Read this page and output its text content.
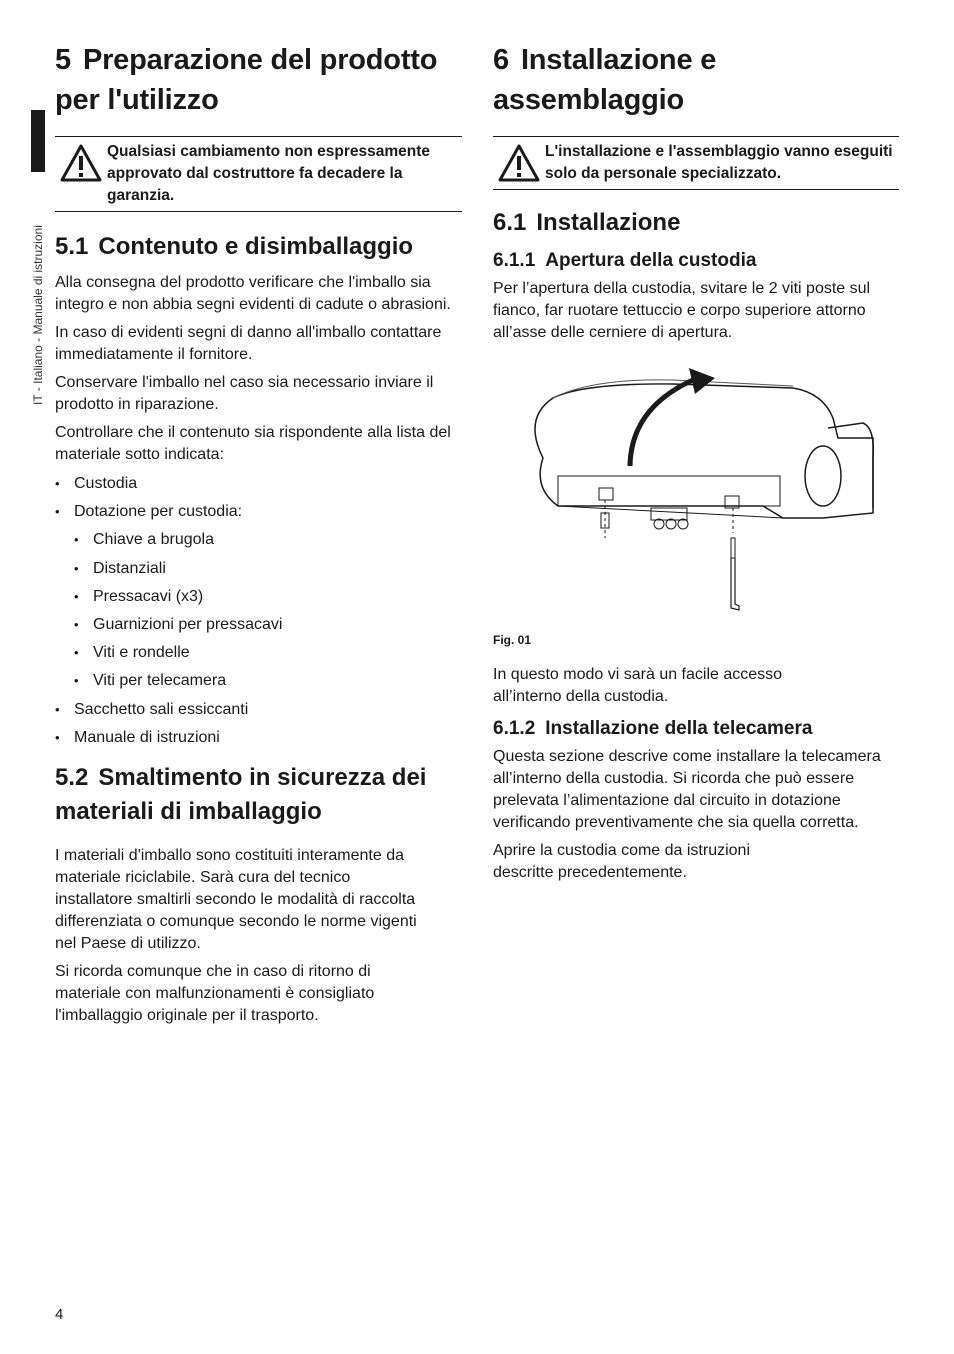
IT - Italiano - Manuale di istruzioni
5 Preparazione del prodotto per l'utilizzo
Qualsiasi cambiamento non espressamente approvato dal costruttore fa decadere la garanzia.
5.1 Contenuto e disimballaggio

Alla consegna del prodotto verificare che l'imballo sia integro e non abbia segni evidenti di cadute o abrasioni.

In caso di evidenti segni di danno all'imballo contattare immediatamente il fornitore.

Conservare l'imballo nel caso sia necessario inviare il prodotto in riparazione.

Controllare che il contenuto sia rispondente alla lista del materiale sotto indicata:

• Custodia
• Dotazione per custodia:
• Chiave a brugola
• Distanziali
• Pressacavi (x3)
• Guarnizioni per pressacavi
• Viti e rondelle
• Viti per telecamera
• Sacchetto sali essiccanti
• Manuale di istruzioni
5.2 Smaltimento in sicurezza dei materiali di imballaggio

I materiali d'imballo sono costituiti interamente da materiale riciclabile. Sarà cura del tecnico installatore smaltirli secondo le modalità di raccolta differenziata o comunque secondo le norme vigenti nel Paese di utilizzo.

Si ricorda comunque che in caso di ritorno di materiale con malfunzionamenti è consigliato l'imballaggio originale per il trasporto.

6 Installazione e assemblaggio
L'installazione e l'assemblaggio vanno eseguiti solo da personale specializzato.
6.1 Installazione
6.1.1 Apertura della custodia

Per l’apertura della custodia, svitare le 2 viti poste sul fianco, far ruotare tettuccio e corpo superiore attorno all’asse delle cerniere di apertura.

Fig. 01

In questo modo vi sarà un facile accesso all’interno della custodia.

6.1.2 Installazione della telecamera

Questa sezione descrive come installare la telecamera all’interno della custodia. Si ricorda che può essere prelevata l’alimentazione dal circuito in dotazione verificando preventivamente che sia quella corretta.

Aprire la custodia come da istruzioni descritte precedentemente.

4
